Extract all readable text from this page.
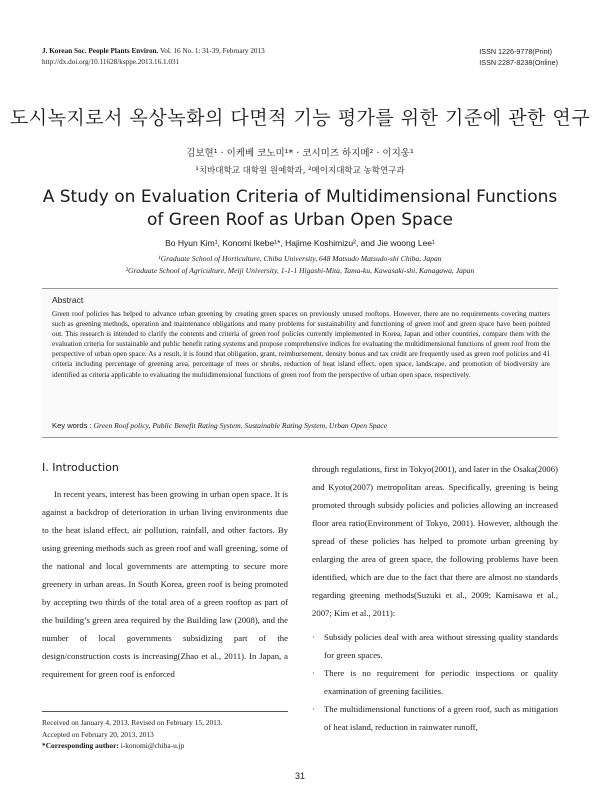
J. Korean Soc. People Plants Environ. Vol. 16 No. 1: 31-39, February 2013
http://dx.doi.org/10.11628/ksppe.2013.16.1.031
ISSN 1226-9778(Print)
ISSN 2287-8238(Online)
도시녹지로서 옥상녹화의 다면적 기능 평가를 위한 기준에 관한 연구
김보현¹ · 이케베 코노미¹* · 코시미즈 하지메² · 이지웅¹
¹치바대학교 대학원 원예학과, ²메이지대학교 농학연구과
A Study on Evaluation Criteria of Multidimensional Functions
of Green Roof as Urban Open Space
Bo Hyun Kim¹, Konomi Ikebe¹*, Hajime Koshimizu², and Jie woong Lee¹
¹Graduate School of Horticulture, Chiba University, 648 Matsudo Matsudo-shi Chiba, Japan
²Graduate School of Agriculture, Meiji University, 1-1-1 Higashi-Mita, Tama-ku, Kawasaki-shi, Kanagawa, Japan
Abstract
Green roof policies has helped to advance urban greening by creating green spaces on previously unused rooftops. However, there are no requirements covering matters such as greening methods, operation and maintenance obligations and many problems for sustainability and functioning of green roof and green space have been pointed out. This research is intended to clarify the contents and criteria of green roof policies currently implemented in Korea, Japan and other countries, compare them with the evaluation criteria for sustainable and public benefit rating systems and propose comprehensive indices for evaluating the multidimensional functions of green roof from the perspective of urban open space. As a result, it is found that obligation, grant, reimbursement, density bonus and tax credit are frequently used as green roof policies and 41 criteria including percentage of greening area, percentage of trees or shrubs, reduction of heat island effect, open space, landscape, and promotion of biodiversity are identified as criteria applicable to evaluating the multidimensional functions of green roof from the perspective of urban open space, respectively.
Key words : Green Roof policy, Public Benefit Rating System, Sustainable Rating System, Urban Open Space
Ⅰ. Introduction

In recent years, interest has been growing in urban open space. It is against a backdrop of deterioration in urban living environments due to the heat island effect, air pollution, rainfall, and other factors. By using greening methods such as green roof and wall greening, some of the national and local governments are attempting to secure more greenery in urban areas. In South Korea, green roof is being promoted by accepting two thirds of the total area of a green rooftop as part of the building’s green area required by the Building law (2008), and the number of local governments subsidizing part of the design/construction costs is increasing(Zhao et al., 2011). In Japan, a requirement for green roof is enforced

through regulations, first in Tokyo(2001), and later in the Osaka(2006) and Kyoto(2007) metropolitan areas. Specifically, greening is being promoted through subsidy policies and policies allowing an increased floor area ratio(Environment of Tokyo, 2001). However, although the spread of these policies has helped to promote urban greening by enlarging the area of green space, the following problems have been identified, which are due to the fact that there are almost no standards regarding greening methods(Suzuki et al., 2009; Kamisawa et al., 2007; Kim et al., 2011):

·	Subsidy policies deal with area without stressing quality standards for green spaces.
·	There is no requirement for periodic inspections or quality examination of greening facilities.
·	The multidimensional functions of a green roof, such as mitigation of heat island, reduction in rainwater runoff,
Received on January 4, 2013. Revised on February 15, 2013.
Accepted on February 20, 2013, 2013
*Corresponding author: i-konomi@chiba-u.jp
31
